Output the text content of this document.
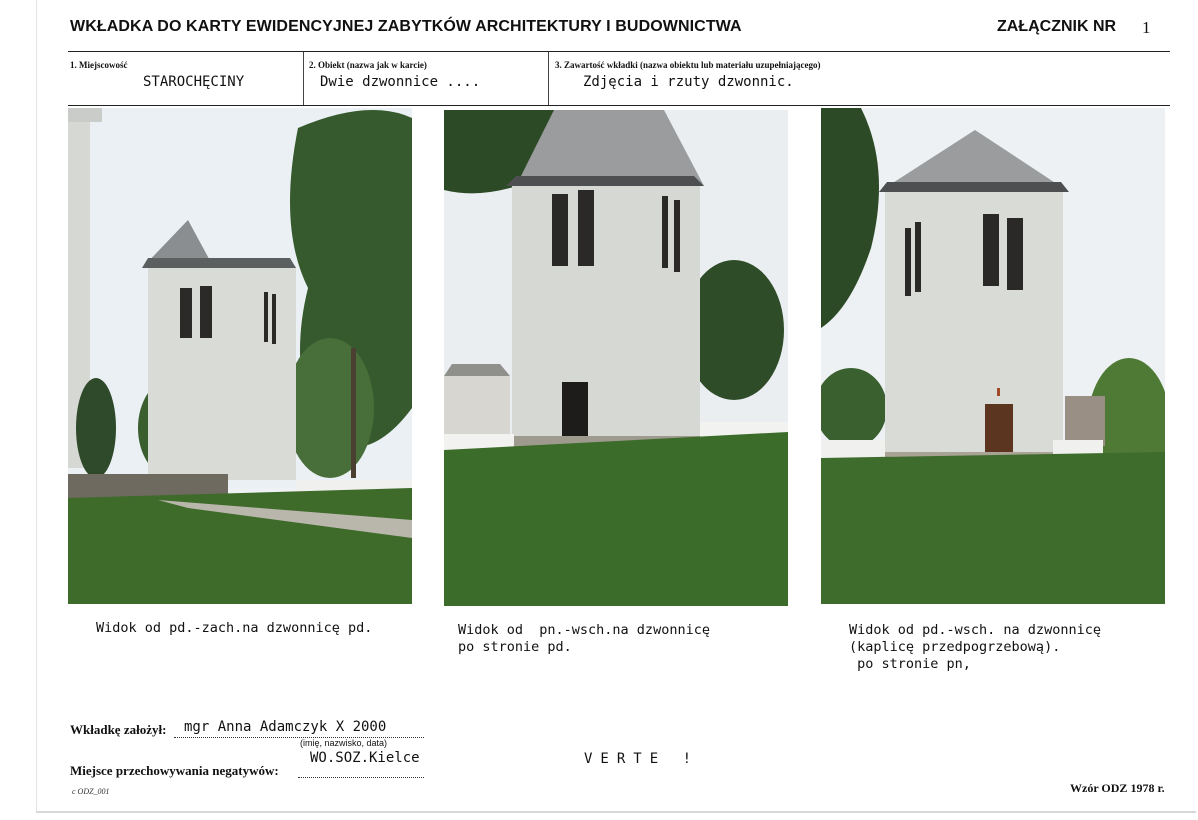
WKŁADKA DO KARTY EWIDENCYJNEJ ZABYTKÓW ARCHITEKTURY I BUDOWNICTWA	ZAŁĄCZNIK NR 1
1. Miejscowość
STAROCHĘCINY
2. Obiekt (nazwa jak w karcie)
Dwie dzwonnice ....
3. Zawartość wkładki (nazwa obiektu lub materiału uzupełniającego)
Zdjęcia i rzuty dzwonnic.
Widok od pd.-zach.na dzwonnicę pd.	Widok od  pn.-wsch.na dzwonnicę
po stronie pd.
Widok od pd.-wsch. na dzwonnicę
(kaplicę przedpogrzebową).
po stronie pn,
Wkładkę założył: mgr Anna Adamczyk X 2000
(imię, nazwisko, data)
Miejsce przechowywania negatywów:
WO.SOZ.Kielce	VERTE !
c ODZ_001	Wzór ODZ 1978 r.
